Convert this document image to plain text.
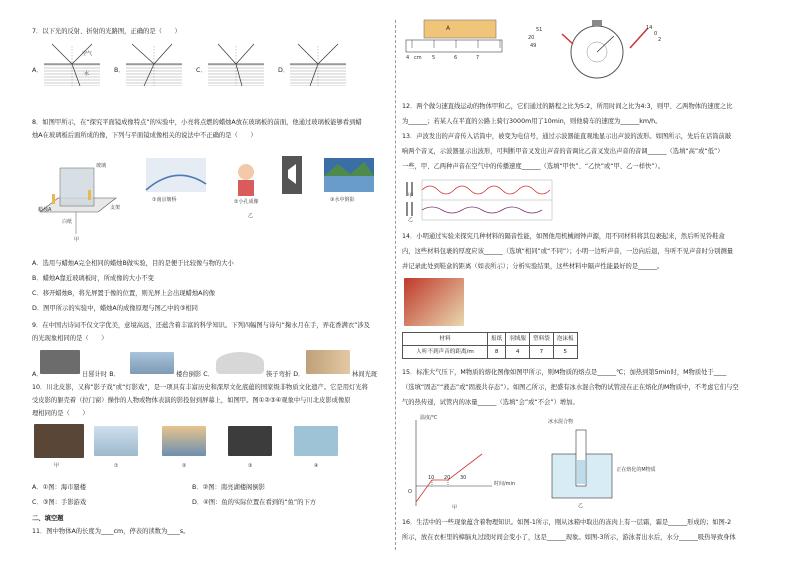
7．以下光的反射、折射的光路图，正确的是（　　）
A．	B．	C．	D．
空气
水
8．如图甲所示，在“探究平面镜成像特点”的实验中，小亮将点燃的蜡烛A放在玻璃板的前面，他通过玻璃板能够看到蜡
烛A在玻璃板后面所成的像，下列与平面镜成像相关的说法中不正确的是（　　）
甲
玻璃
蜡烛A
白纸
支架
①南京塘桥	②小孔成像	③水中倒影
乙
A．选用与蜡烛A完全相同的蜡烛B做实验，目的是便于比较像与物的大小
B．蜡烛A靠近玻璃板时，所成像的大小不变
C．移开蜡烛B，将光屏置于像的位置，则光屏上会出现蜡烛A的像
D．图甲所示的实验中，蜡烛A的成像原理与图乙中的③相同
9．在中国古诗词不仅文字优美，意境高远，还蕴含着丰富的科学知识。下列四幅图与诗句“掬水月在手，弄花香满衣”涉及
的光现象相同的是（　　）
A．	日晷计时 B．	楼台倒影 C．	筷子弯折 D．	林间光斑
10．川北皮影，又称“影子戏”或“灯影戏”，是一项具有丰富历史和深厚文化底蕴的国家级非物质文化遗产。它是用灯光将
受皮影的躯壳着（拉门窗）操作的人物或物体表演的影投射到屏幕上，如图甲。图①②③④观象中与川北皮影成像原
理相同的是（　　）
甲	①	②	③	④
A．①图：海市蜃楼	B．②图：南亮湖楼阁倒影
C．③图：手影游戏	D．④图：鱼的实际位置在看到的“鱼”的下方
二、填空题
11．图中物体A的长度为____cm，停表的读数为____s。
A
4 cm 5	6	7
51
20
49
14
0
2
12．两个做匀速直线运动的物体甲和乙，它们通过的路程之比为5:2，所用时间之比为4:3，则甲、乙两物体的速度之比
为______；若某人在平直的公路上骑行3000m用了10min，则他骑车的速度为______km/h。
13．声波发出的声音传入话筒中，被变为电信号，通过示波器能直观地显示出声波的波形。如图所示，先后在话筒前敲
响两个音叉，示波器显示出波形，可判断甲音叉发出声音的音调比乙音叉发出声音的音调______（选填“高”或“低”）
一些，甲、乙两种声音在空气中的传播速度______（选填“甲快”、“乙快”或“甲、乙一样快”）。
甲
乙
14．小明通过实验来探究几种材料的隔音性能，如图他用机械闹钟声源，用不同材料将其包裹起来，然后听见铃鞋盒
内，这些材料包裹的厚度应该______（选填“相同”或“不同”）；小明一边听声音，一边向后退，当听不见声音时分别测量
并记录此处到鞋盒的距离（如表所示）；分析实验结果，这些材料中隔声性能最好的是______。
材料	报纸	羽绒服	塑料袋	泡沫板
人听不到声音的距离/m	8	4	7	5
15．标准大气压下，M物质的熔化图像如图甲所示，则M物质的熔点是______℃；加热到第5min时，M物质处于____
（选填“固态”“液态”或“固液共存态”）。如图乙所示，把盛有冰水混合物的试管浸在正在熔化的M物质中，不考虑它们与空
气的热传递，试管内的冰量______（选填“会”或“不会”）增加。
温度/℃
时间/min
10 20 30
O
甲
冰水混合物
正在熔化的M物质
乙
16．生活中的一些现象蕴含着物理知识。如图-1所示，刚从冰箱中取出的冻肉上有一层霜，霜是______形成的；如图-2
所示，放在衣柜里的樟脑丸过段时间会变小了，这是______现象。如图-3所示，游泳者出水后，水分______吸热导致身体
